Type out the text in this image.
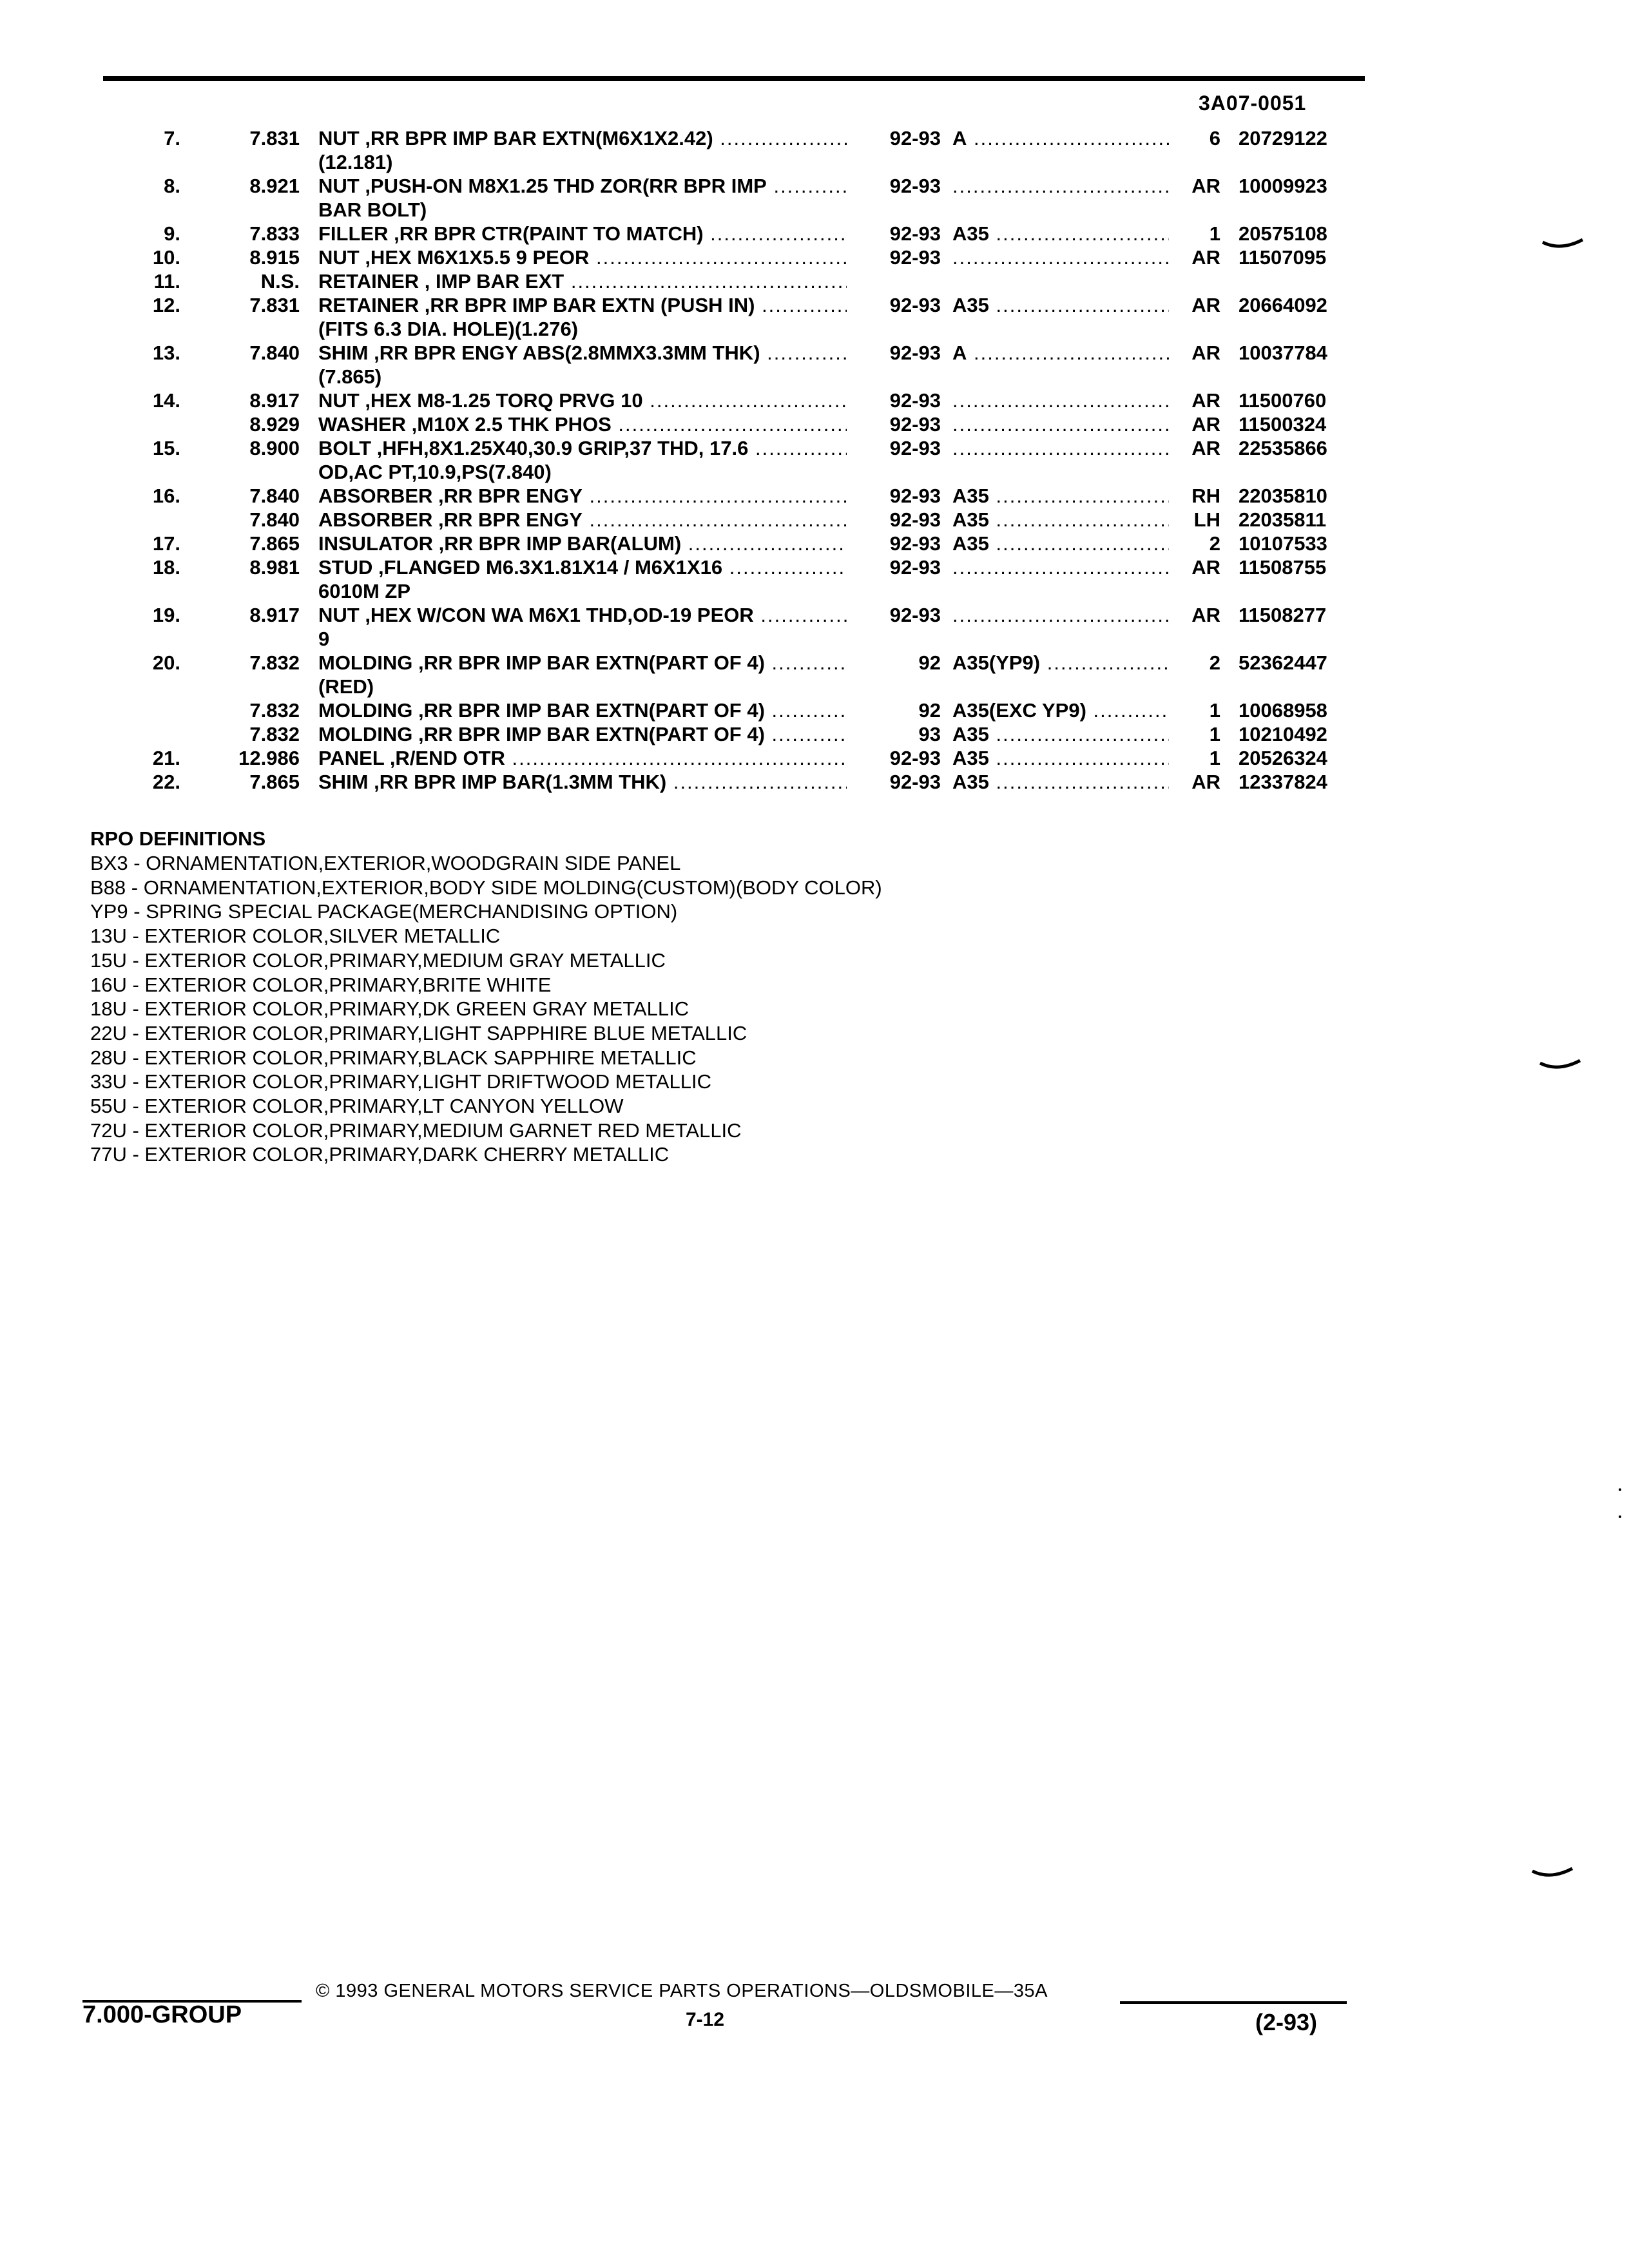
3A07-0051
7.	7.831 NUT ,RR BPR IMP BAR EXTN(M6X1X2.42) .....	92-93 A .....	6 20729122
(12.181)
8.	8.921 NUT ,PUSH-ON M8X1.25 THD ZOR(RR BPR IMP .....	92-93 .....	AR 10009923
BAR BOLT)
9.	7.833 FILLER ,RR BPR CTR(PAINT TO MATCH) .....	92-93 A35 .....	1 20575108
10.	8.915 NUT ,HEX M6X1X5.5 9 PEOR .....	92-93 .....	AR 11507095
11.	N.S. RETAINER , IMP BAR EXT .....
12.	7.831 RETAINER ,RR BPR IMP BAR EXTN (PUSH IN) .....	92-93 A35 .....	AR 20664092
(FITS 6.3 DIA. HOLE)(1.276)
13.	7.840 SHIM ,RR BPR ENGY ABS(2.8MMX3.3MM THK) .....	92-93 A .....	AR 10037784
(7.865)
14.	8.917 NUT ,HEX M8-1.25 TORQ PRVG 10 .....	92-93 .....	AR 11500760
8.929 WASHER ,M10X 2.5 THK PHOS .....	92-93 .....	AR 11500324
15.	8.900 BOLT ,HFH,8X1.25X40,30.9 GRIP,37 THD, 17.6 .....	92-93 .....	AR 22535866
OD,AC PT,10.9,PS(7.840)
16.	7.840 ABSORBER ,RR BPR ENGY .....	92-93 A35 .....	RH 22035810
7.840 ABSORBER ,RR BPR ENGY .....	92-93 A35 .....	LH 22035811
17.	7.865 INSULATOR ,RR BPR IMP BAR(ALUM) .....	92-93 A35 .....	2 10107533
18.	8.981 STUD ,FLANGED M6.3X1.81X14 / M6X1X16 .....	92-93 .....	AR 11508755
6010M ZP
19.	8.917 NUT ,HEX W/CON WA M6X1 THD,OD-19 PEOR .....	92-93 .....	AR 11508277
9
20.	7.832 MOLDING ,RR BPR IMP BAR EXTN(PART OF 4) .....	92 A35(YP9) .....	2 52362447
(RED)
7.832 MOLDING ,RR BPR IMP BAR EXTN(PART OF 4) .....	92 A35(EXC YP9) .....	1 10068958
7.832 MOLDING ,RR BPR IMP BAR EXTN(PART OF 4) .....	93 A35 .....	1 10210492
21.	12.986 PANEL ,R/END OTR .....	92-93 A35 .....	1 20526324
22.	7.865 SHIM ,RR BPR IMP BAR(1.3MM THK) .....	92-93 A35 .....	AR 12337824
RPO DEFINITIONS
BX3 - ORNAMENTATION,EXTERIOR,WOODGRAIN SIDE PANEL
B88 - ORNAMENTATION,EXTERIOR,BODY SIDE MOLDING(CUSTOM)(BODY COLOR)
YP9 - SPRING SPECIAL PACKAGE(MERCHANDISING OPTION)
13U - EXTERIOR COLOR,SILVER METALLIC
15U - EXTERIOR COLOR,PRIMARY,MEDIUM GRAY METALLIC
16U - EXTERIOR COLOR,PRIMARY,BRITE WHITE
18U - EXTERIOR COLOR,PRIMARY,DK GREEN GRAY METALLIC
22U - EXTERIOR COLOR,PRIMARY,LIGHT SAPPHIRE BLUE METALLIC
28U - EXTERIOR COLOR,PRIMARY,BLACK SAPPHIRE METALLIC
33U - EXTERIOR COLOR,PRIMARY,LIGHT DRIFTWOOD METALLIC
55U - EXTERIOR COLOR,PRIMARY,LT CANYON YELLOW
72U - EXTERIOR COLOR,PRIMARY,MEDIUM GARNET RED METALLIC
77U - EXTERIOR COLOR,PRIMARY,DARK CHERRY METALLIC
© 1993 GENERAL MOTORS SERVICE PARTS OPERATIONS—OLDSMOBILE—35A
7.000-GROUP	7-12	(2-93)
